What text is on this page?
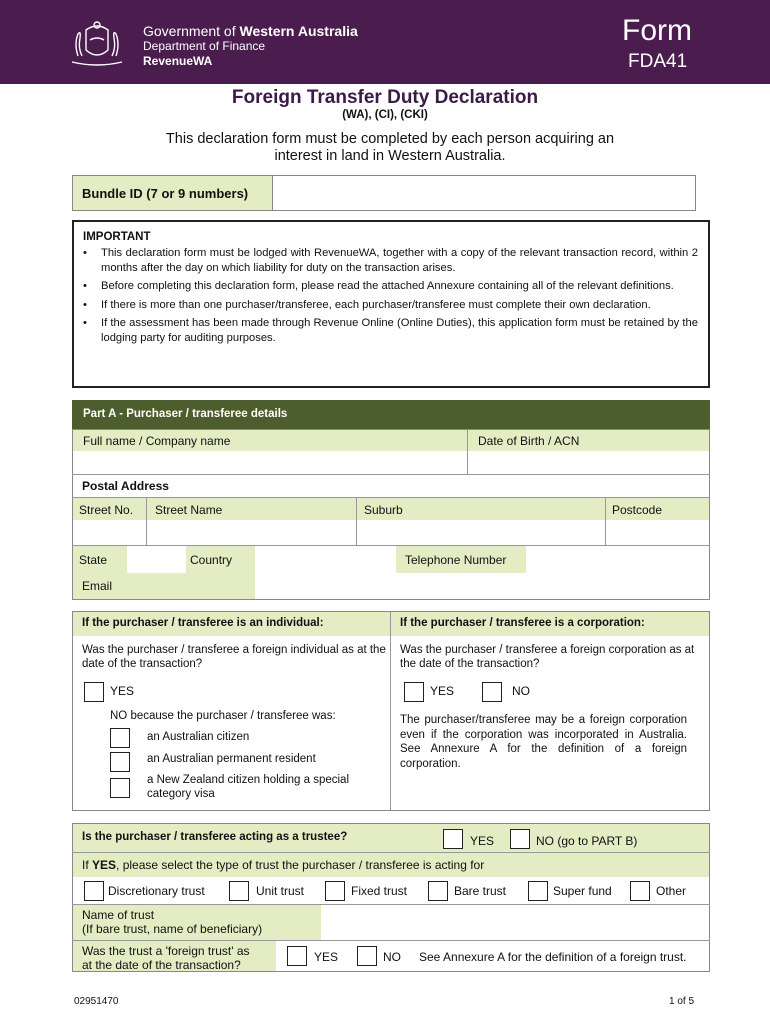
Government of Western Australia
Department of Finance
RevenueWA
Form
FDA41
Foreign Transfer Duty Declaration
(WA), (CI), (CKI)
This declaration form must be completed by each person acquiring an interest in land in Western Australia.
Bundle ID (7 or 9 numbers)
IMPORTANT
• This declaration form must be lodged with RevenueWA, together with a copy of the relevant transaction record, within 2 months after the day on which liability for duty on the transaction arises.
• Before completing this declaration form, please read the attached Annexure containing all of the relevant definitions.
• If there is more than one purchaser/transferee, each purchaser/transferee must complete their own declaration.
• If the assessment has been made through Revenue Online (Online Duties), this application form must be retained by the lodging party for auditing purposes.
Part A - Purchaser / transferee details
Full name / Company name	Date of Birth / ACN
Postal Address
Street No.	Street Name	Suburb	Postcode
State	Country	Telephone Number
Email
If the purchaser / transferee is an individual:	If the purchaser / transferee is a corporation:
Was the purchaser / transferee a foreign individual as at the date of the transaction?
YES
NO because the purchaser / transferee was:
an Australian citizen
an Australian permanent resident
a New Zealand citizen holding a special category visa
Was the purchaser / transferee a foreign corporation as at the date of the transaction?
YES	NO
The purchaser/transferee may be a foreign corporation even if the corporation was incorporated in Australia. See Annexure A for the definition of a foreign corporation.
Is the purchaser / transferee acting as a trustee?	YES	NO (go to PART B)
If YES, please select the type of trust the purchaser / transferee is acting for
Discretionary trust	Unit trust	Fixed trust	Bare trust	Super fund	Other
Name of trust
(If bare trust, name of beneficiary)
Was the trust a 'foreign trust' as
at the date of the transaction?
YES	NO See Annexure A for the definition of a foreign trust.
02951470	1 of 5
